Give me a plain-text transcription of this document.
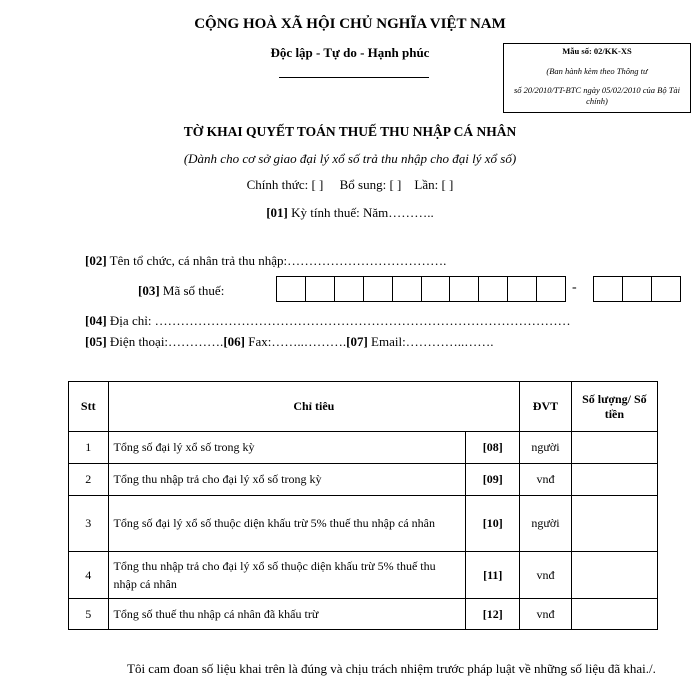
CỘNG HOÀ XÃ HỘI CHỦ NGHĨA VIỆT NAM
Độc lập - Tự do - Hạnh phúc	Mẫu số: 02/KK-XS
(Ban hành kèm theo Thông tư
số 20/2010/TT-BTC ngày 05/02/2010 của Bộ Tài chính)
TỜ KHAI QUYẾT TOÁN THUẾ THU NHẬP CÁ NHÂN
(Dành cho cơ sở giao đại lý xổ số trả thu nhập cho đại lý xổ số)
Chính thức: [ ] Bổ sung: [ ] Lần: [ ]
[01] Kỳ tính thuế: Năm………..
[02] Tên tổ chức, cá nhân trả thu nhập:……………………………….
[03] Mã số thuế:	-
[04] Địa chỉ: ……………………………………………………………………………………
[05] Điện thoại:………….[06] Fax:……..……….[07] Email:…………..…….
Stt	Chỉ tiêu		ĐVT	Số lượng/ Số tiền
1	Tổng số đại lý xổ số trong kỳ	[08]	người	
2	Tổng thu nhập trả cho đại lý xổ số trong kỳ	[09]	vnđ	
3	Tổng số đại lý xổ số thuộc diện khấu trừ 5% thuế thu nhập cá nhân	[10]	người	
4	Tổng thu nhập trả cho đại lý xổ số thuộc diện khấu trừ 5% thuế thu nhập cá nhân	[11]	vnđ	
5	Tổng số thuế thu nhập cá nhân đã khấu trừ	[12]	vnđ	
Tôi cam đoan số liệu khai trên là đúng và chịu trách nhiệm trước pháp luật về những số liệu đã khai./.
